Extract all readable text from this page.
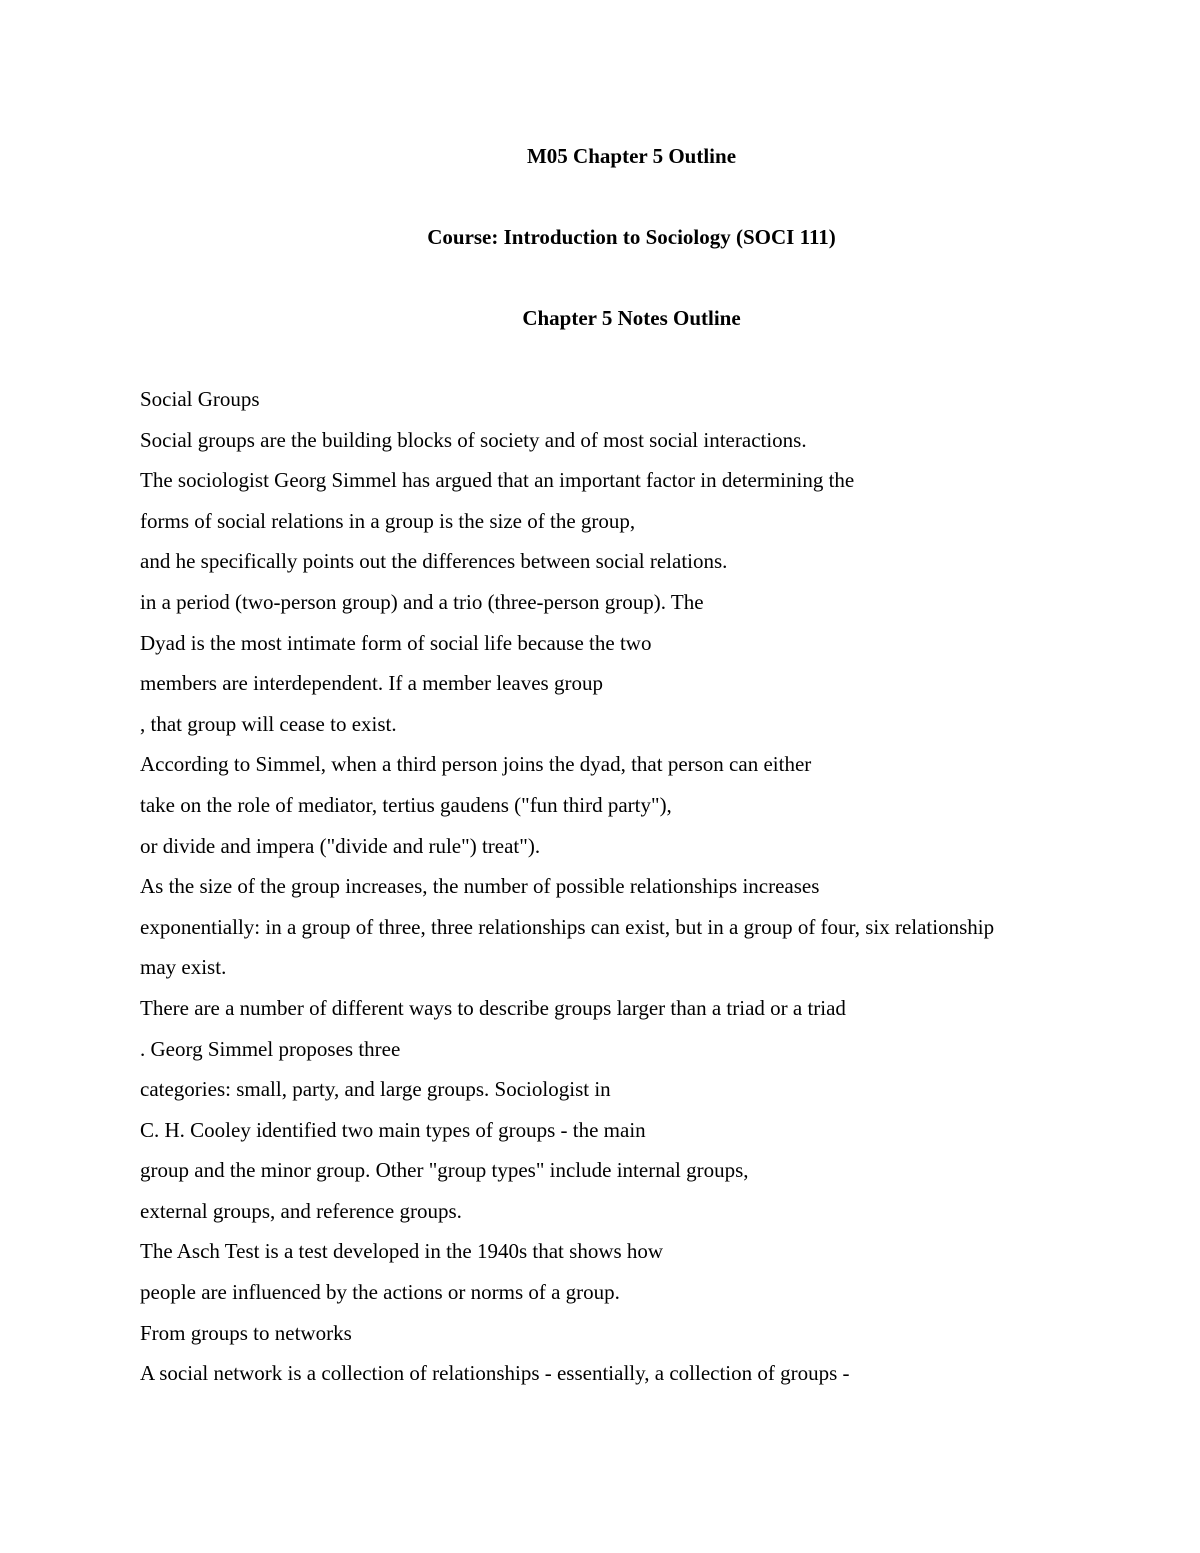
M05 Chapter 5 Outline
Course: Introduction to Sociology (SOCI 111)
Chapter 5 Notes Outline
Social Groups
Social groups are the building blocks of society and of most social interactions.
The sociologist Georg Simmel has argued that an important factor in determining the
forms of social relations in a group is the size of the group,
and he specifically points out the differences between social relations.
in a period (two-person group) and a trio (three-person group). The
Dyad is the most intimate form of social life because the two
members are interdependent. If a member leaves group
, that group will cease to exist.
According to Simmel, when a third person joins the dyad, that person can either
take on the role of mediator, tertius gaudens ("fun third party"),
or divide and impera ("divide and rule") treat").
As the size of the group increases, the number of possible relationships increases
exponentially: in a group of three, three relationships can exist, but in a group of four, six relationship
may exist.
There are a number of different ways to describe groups larger than a triad or a triad
. Georg Simmel proposes three
categories: small, party, and large groups. Sociologist in
C. H. Cooley identified two main types of groups - the main
group and the minor group. Other "group types" include internal groups,
external groups, and reference groups.
The Asch Test is a test developed in the 1940s that shows how
people are influenced by the actions or norms of a group.
From groups to networks
A social network is a collection of relationships - essentially, a collection of groups -
